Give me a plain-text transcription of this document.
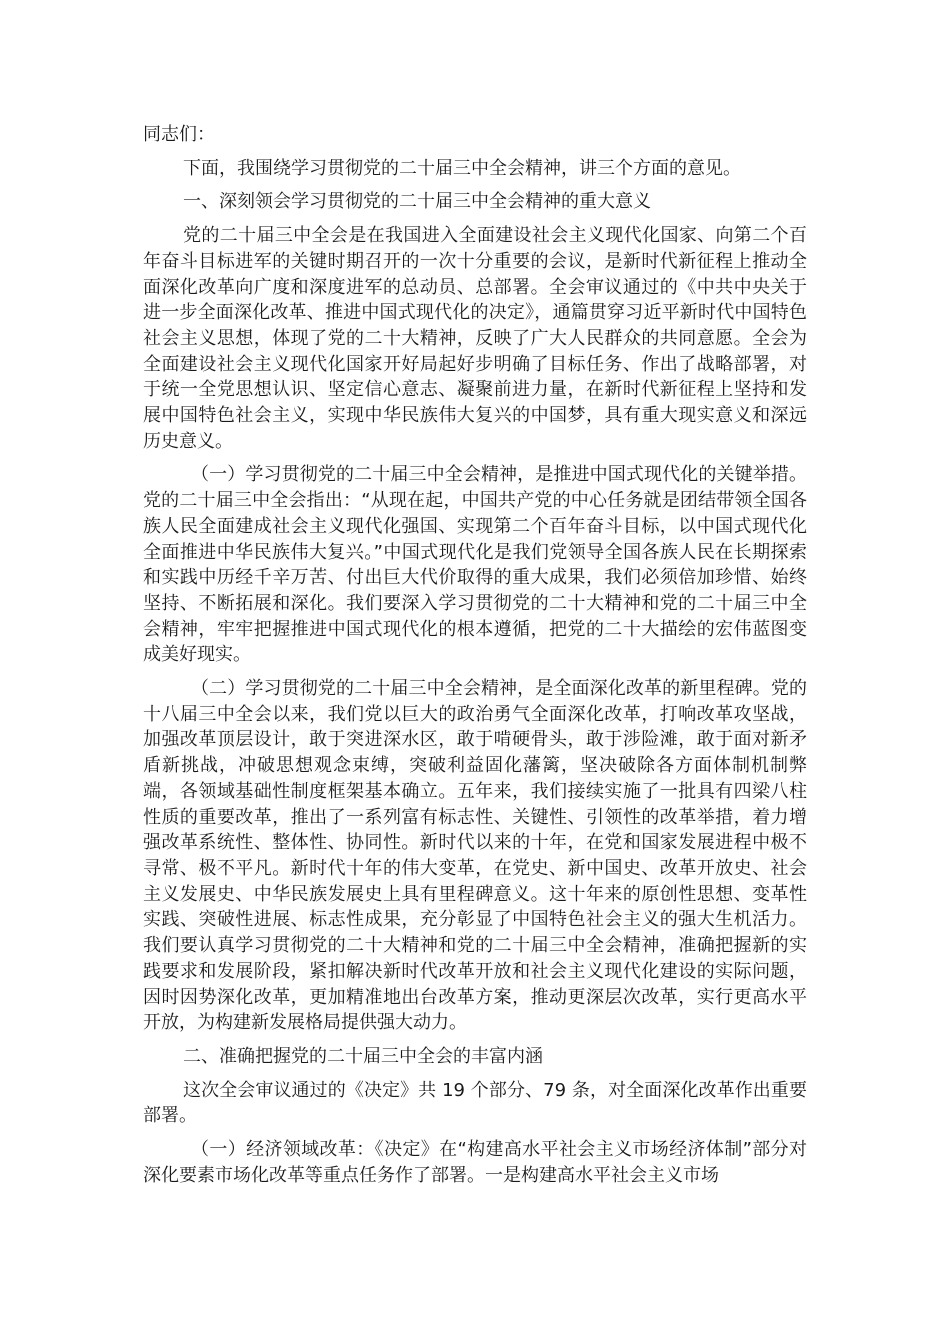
同志们：

下面，我围绕学习贯彻党的二十届三中全会精神，讲三个方面的意见。

一、深刻领会学习贯彻党的二十届三中全会精神的重大意义

党的二十届三中全会是在我国进入全面建设社会主义现代化国家、向第二个百年奋斗目标进军的关键时期召开的一次十分重要的会议，是新时代新征程上推动全面深化改革向广度和深度进军的总动员、总部署。全会审议通过的《中共中央关于进一步全面深化改革、推进中国式现代化的决定》，通篇贯穿习近平新时代中国特色社会主义思想，体现了党的二十大精神，反映了广大人民群众的共同意愿。全会为全面建设社会主义现代化国家开好局起好步明确了目标任务、作出了战略部署，对于统一全党思想认识、坚定信心意志、凝聚前进力量，在新时代新征程上坚持和发展中国特色社会主义，实现中华民族伟大复兴的中国梦，具有重大现实意义和深远历史意义。

（一）学习贯彻党的二十届三中全会精神，是推进中国式现代化的关键举措。党的二十届三中全会指出：“从现在起，中国共产党的中心任务就是团结带领全国各族人民全面建成社会主义现代化强国、实现第二个百年奋斗目标，以中国式现代化全面推进中华民族伟大复兴。”中国式现代化是我们党领导全国各族人民在长期探索和实践中历经千辛万苦、付出巨大代价取得的重大成果，我们必须倍加珍惜、始终坚持、不断拓展和深化。我们要深入学习贯彻党的二十大精神和党的二十届三中全会精神，牢牢把握推进中国式现代化的根本遵循，把党的二十大描绘的宏伟蓝图变成美好现实。

（二）学习贯彻党的二十届三中全会精神，是全面深化改革的新里程碑。党的十八届三中全会以来，我们党以巨大的政治勇气全面深化改革，打响改革攻坚战，加强改革顶层设计，敢于突进深水区，敢于啃硬骨头，敢于涉险滩，敢于面对新矛盾新挑战，冲破思想观念束缚，突破利益固化藩篱，坚决破除各方面体制机制弊端，各领域基础性制度框架基本确立。五年来，我们接续实施了一批具有四梁八柱性质的重要改革，推出了一系列富有标志性、关键性、引领性的改革举措，着力增强改革系统性、整体性、协同性。新时代以来的十年，在党和国家发展进程中极不寻常、极不平凡。新时代十年的伟大变革，在党史、新中国史、改革开放史、社会主义发展史、中华民族发展史上具有里程碑意义。这十年来的原创性思想、变革性实践、突破性进展、标志性成果，充分彰显了中国特色社会主义的强大生机活力。我们要认真学习贯彻党的二十大精神和党的二十届三中全会精神，准确把握新的实践要求和发展阶段，紧扣解决新时代改革开放和社会主义现代化建设的实际问题，因时因势深化改革，更加精准地出台改革方案，推动更深层次改革，实行更高水平开放，为构建新发展格局提供强大动力。

二、准确把握党的二十届三中全会的丰富内涵

这次全会审议通过的《决定》共 19 个部分、79 条，对全面深化改革作出重要部署。

（一）经济领域改革：《决定》在“构建高水平社会主义市场经济体制”部分对深化要素市场化改革等重点任务作了部署。一是构建高水平社会主义市场
